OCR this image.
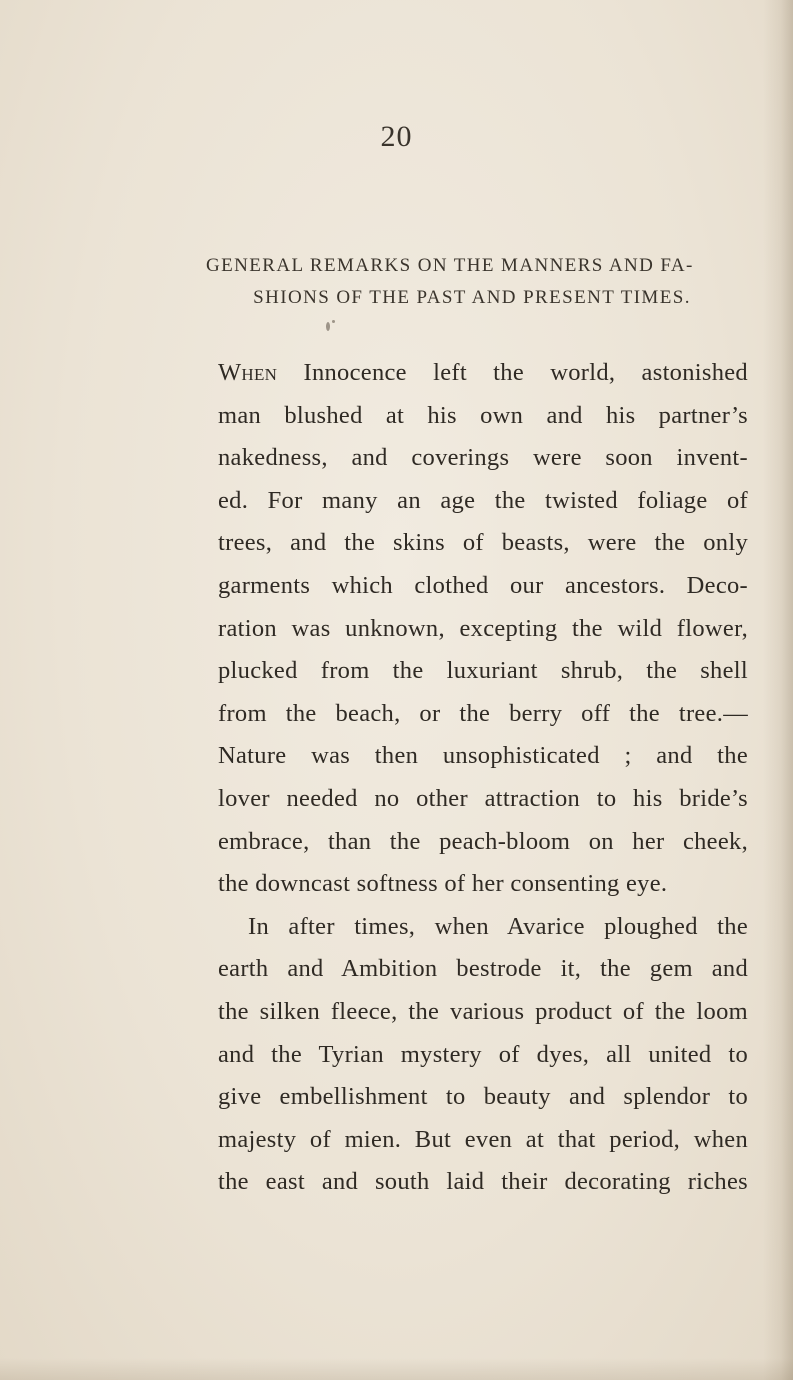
20
GENERAL REMARKS ON THE MANNERS AND FA-
SHIONS OF THE PAST AND PRESENT TIMES.
When Innocence left the world, astonished
man blushed at his own and his partner’s
nakedness, and coverings were soon invent-
ed. For many an age the twisted foliage of
trees, and the skins of beasts, were the only
garments which clothed our ancestors. Deco-
ration was unknown, excepting the wild flower,
plucked from the luxuriant shrub, the shell
from the beach, or the berry off the tree.—
Nature was then unsophisticated ; and the
lover needed no other attraction to his bride’s
embrace, than the peach-bloom on her cheek,
the downcast softness of her consenting eye.
In after times, when Avarice ploughed the
earth and Ambition bestrode it, the gem and
the silken fleece, the various product of the loom
and the Tyrian mystery of dyes, all united to
give embellishment to beauty and splendor to
majesty of mien. But even at that period, when
the east and south laid their decorating riches
